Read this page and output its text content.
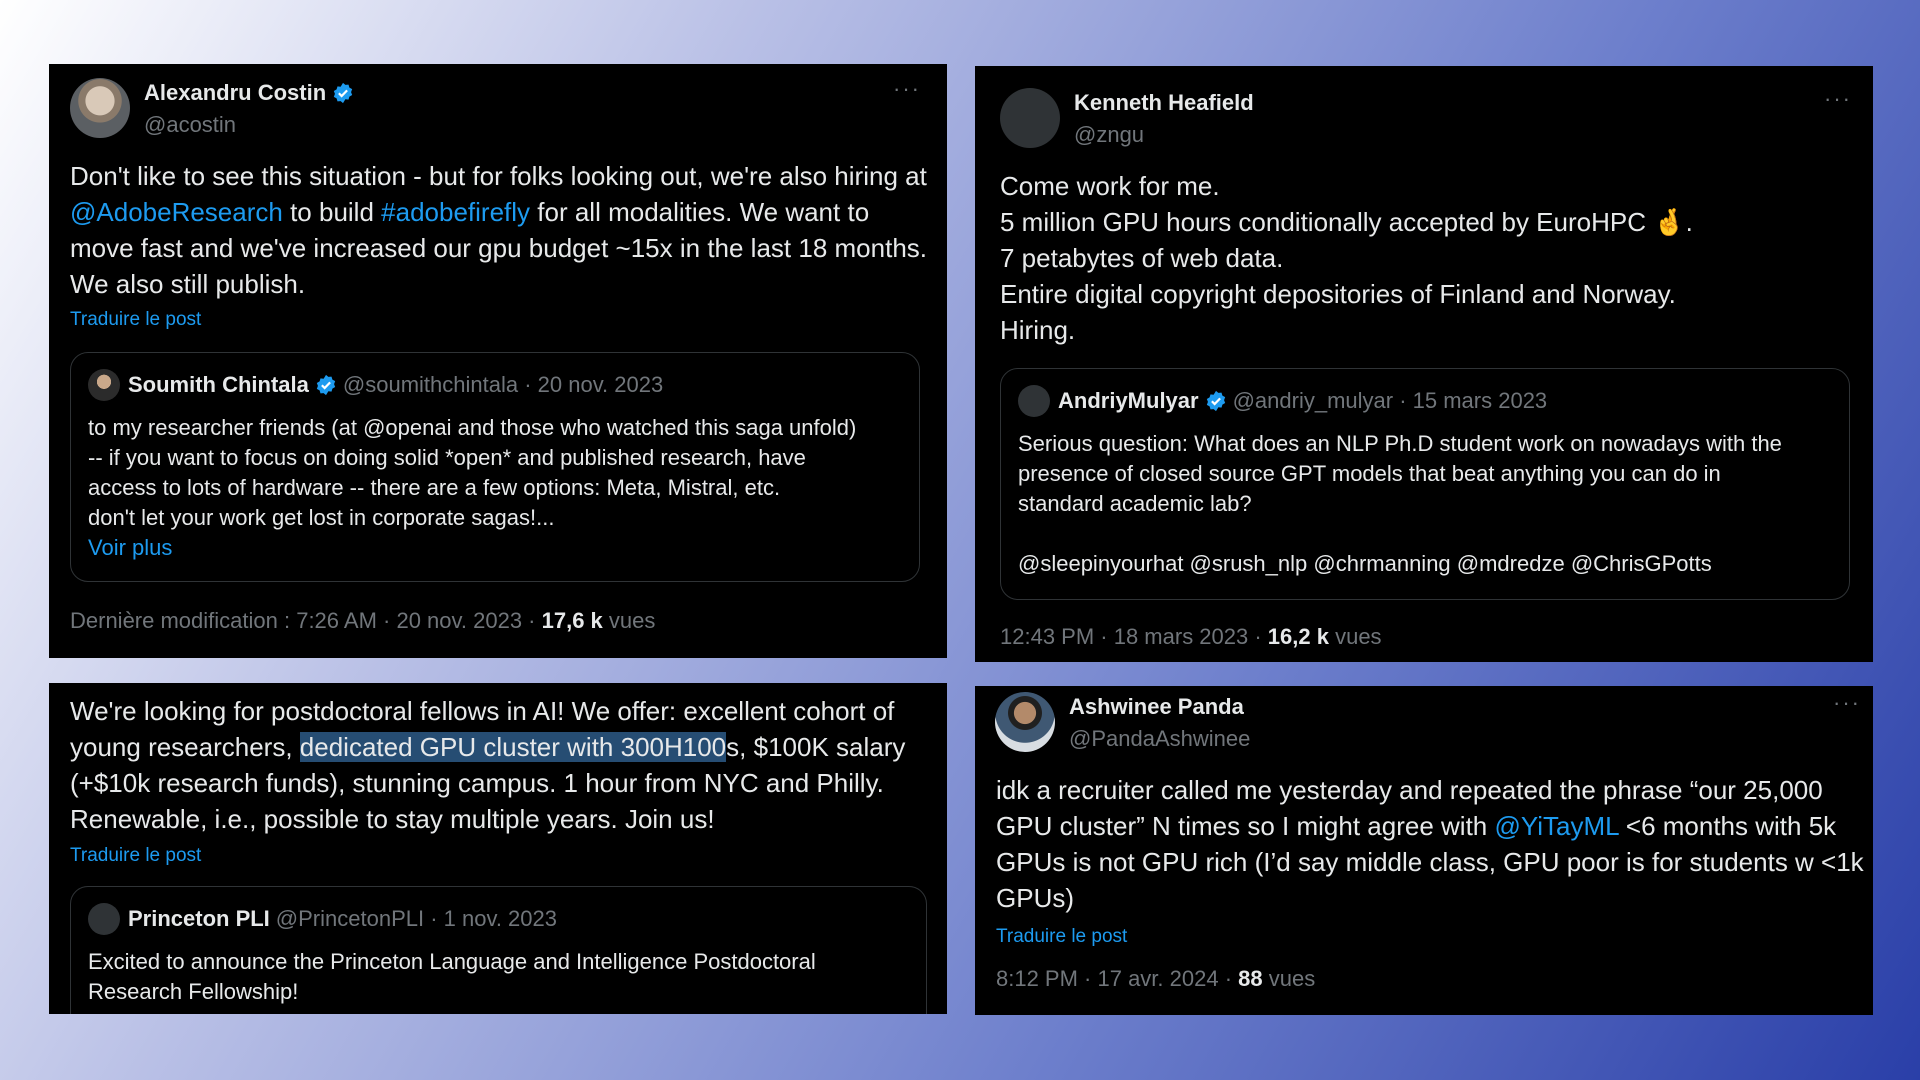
Alexandru Costin
@acostin
···
Don't like to see this situation - but for folks looking out, we're also hiring at @AdobeResearch to build #adobefirefly for all modalities. We want to move fast and we've increased our gpu budget ~15x in the last 18 months. We also still publish.
Traduire le post
Soumith Chintala @soumithchintala · 20 nov. 2023
to my researcher friends (at @openai and those who watched this saga unfold)
-- if you want to focus on doing solid *open* and published research, have
access to lots of hardware -- there are a few options: Meta, Mistral, etc.
don't let your work get lost in corporate sagas!...
Voir plus
Dernière modification : 7:26 AM · 20 nov. 2023 · 17,6 k vues
Kenneth Heafield
@zngu
···
Come work for me.
5 million GPU hours conditionally accepted by EuroHPC 🤞.
7 petabytes of web data.
Entire digital copyright depositories of Finland and Norway.
Hiring.
AndriyMulyar @andriy_mulyar · 15 mars 2023
Serious question: What does an NLP Ph.D student work on nowadays with the
presence of closed source GPT models that beat anything you can do in
standard academic lab?

@sleepinyourhat @srush_nlp @chrmanning @mdredze @ChrisGPotts
12:43 PM · 18 mars 2023 · 16,2 k vues
We're looking for postdoctoral fellows in AI! We offer: excellent cohort of young researchers, dedicated GPU cluster with 300H100s, $100K salary (+$10k research funds), stunning campus. 1 hour from NYC and Philly. Renewable, i.e., possible to stay multiple years. Join us!
Traduire le post
Princeton PLI @PrincetonPLI · 1 nov. 2023
Excited to announce the Princeton Language and Intelligence Postdoctoral
Research Fellowship!
Ashwinee Panda
@PandaAshwinee
···
idk a recruiter called me yesterday and repeated the phrase “our 25,000 GPU cluster” N times so I might agree with @YiTayML <6 months with 5k GPUs is not GPU rich (I’d say middle class, GPU poor is for students w <1k GPUs)
Traduire le post
8:12 PM · 17 avr. 2024 · 88 vues
